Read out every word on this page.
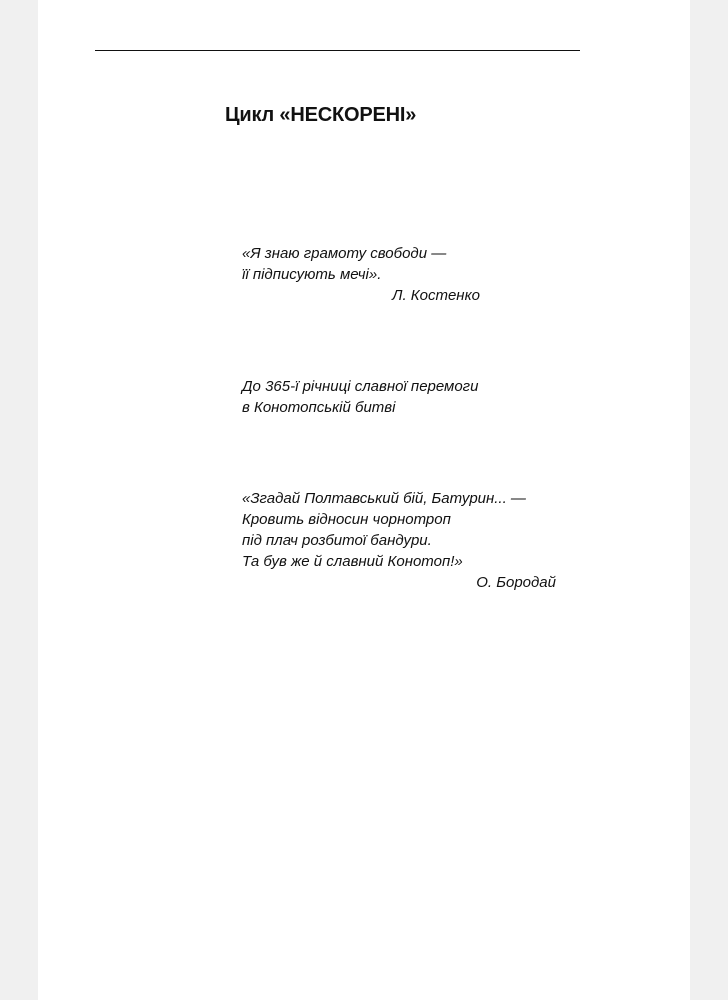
Цикл «НЕСКОРЕНІ»
«Я знаю грамоту свободи —
її підписують мечі».
Л. Костенко
До 365-ї річниці славної перемоги
в Конотопській битві
«Згадай Полтавський бій, Батурин... —
Кровить відносин чорнотроп
під плач розбитої бандури.
Та був же й славний Конотоп!»
О. Бородай
